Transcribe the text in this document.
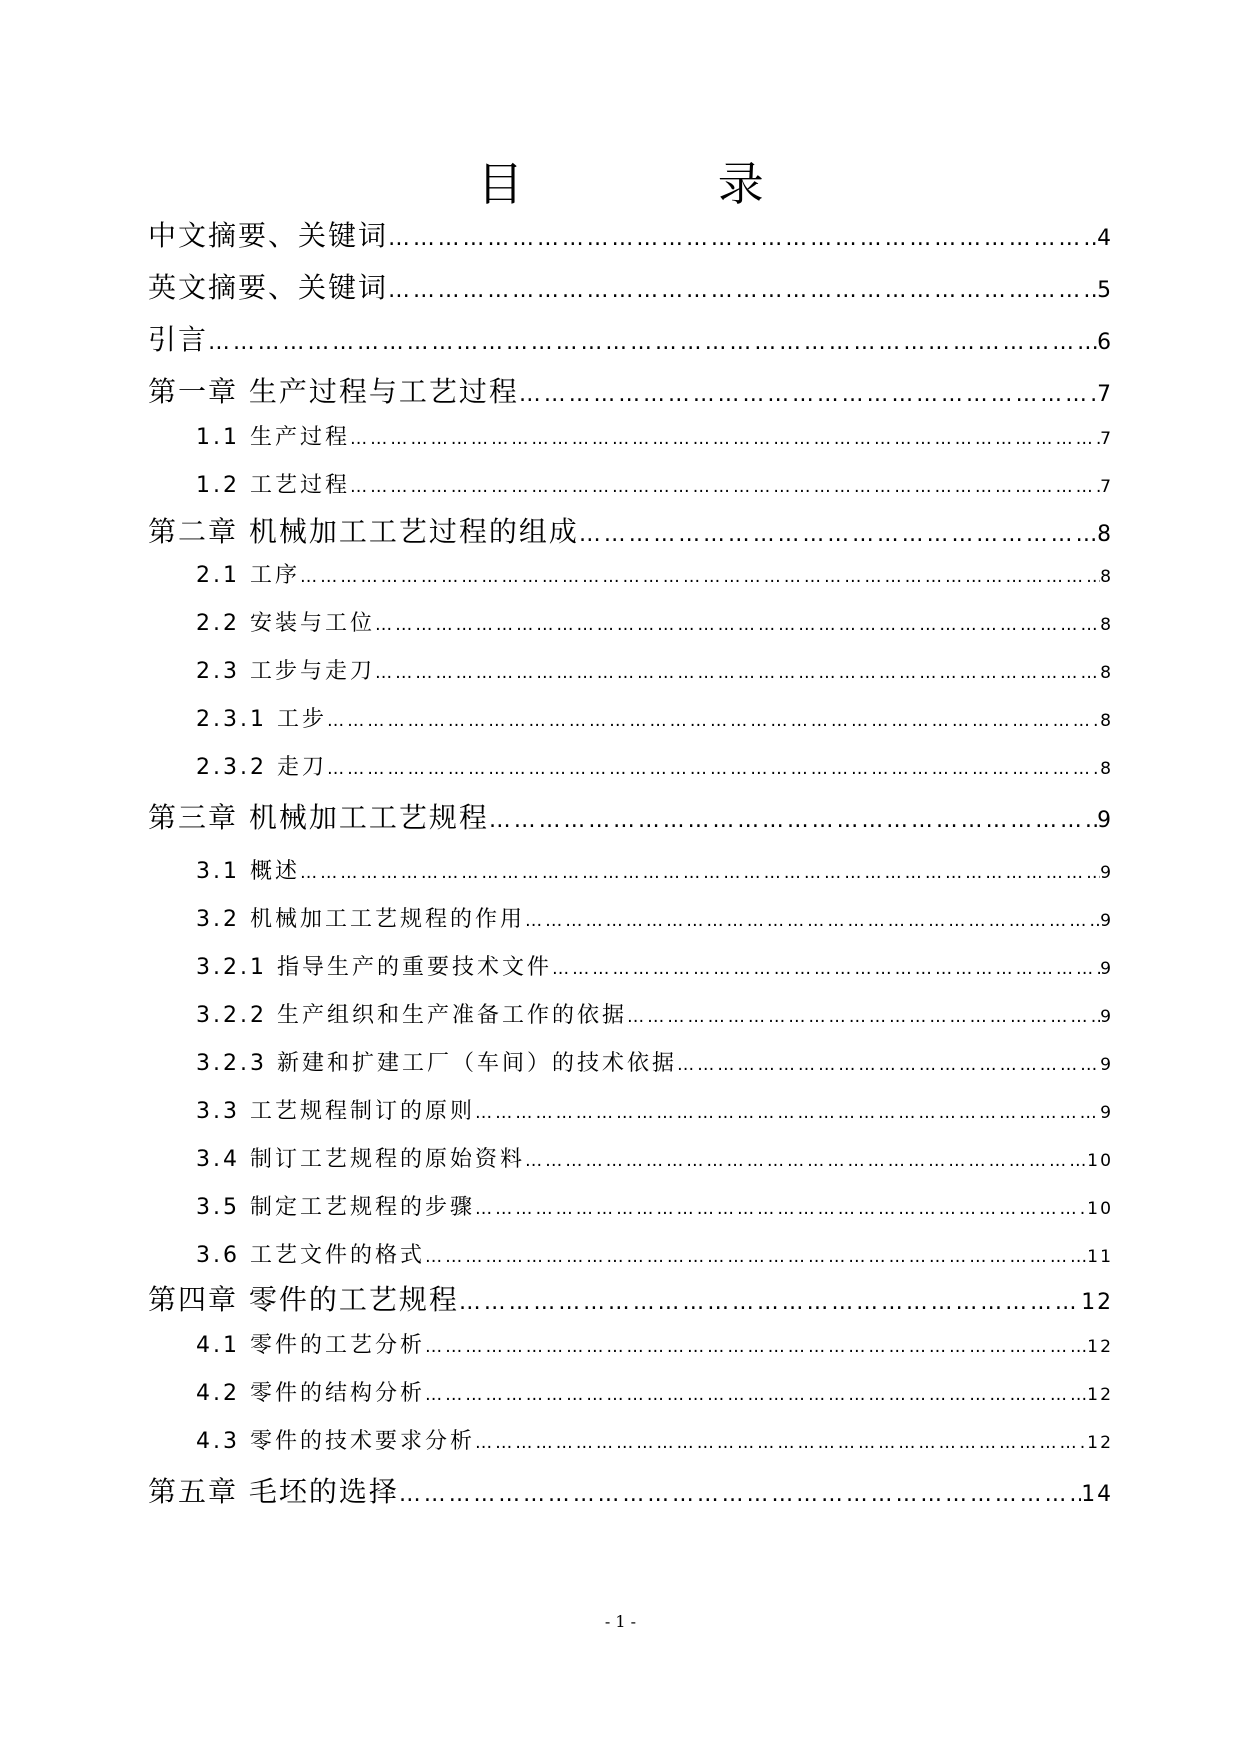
目 录
中文摘要、关键词 …………………………………………………………………………………………………………………………………………………………………………………………………………………………………………………	4
英文摘要、关键词 …………………………………………………………………………………………………………………………………………………………………………………………………………………………………………………	5
引言 …………………………………………………………………………………………………………………………………………………………………………………………………………………………………………………	6
第一章 生产过程与工艺过程 …………………………………………………………………………………………………………………………………………………………………………………………………………………………………………………	7
1.1 生产过程 …………………………………………………………………………………………………………………………………………………………………………………………………………………………………………………	7
1.2 工艺过程 …………………………………………………………………………………………………………………………………………………………………………………………………………………………………………………	7
第二章 机械加工工艺过程的组成 …………………………………………………………………………………………………………………………………………………………………………………………………………………………………………………	8
2.1 工序 …………………………………………………………………………………………………………………………………………………………………………………………………………………………………………………	8
2.2 安装与工位 …………………………………………………………………………………………………………………………………………………………………………………………………………………………………………………	8
2.3 工步与走刀 …………………………………………………………………………………………………………………………………………………………………………………………………………………………………………………	8
2.3.1 工步 …………………………………………………………………………………………………………………………………………………………………………………………………………………………………………………	8
2.3.2 走刀 …………………………………………………………………………………………………………………………………………………………………………………………………………………………………………………	8
第三章 机械加工工艺规程 …………………………………………………………………………………………………………………………………………………………………………………………………………………………………………………	9
3.1 概述 …………………………………………………………………………………………………………………………………………………………………………………………………………………………………………………	9
3.2 机械加工工艺规程的作用 …………………………………………………………………………………………………………………………………………………………………………………………………………………………………………………	9
3.2.1 指导生产的重要技术文件 …………………………………………………………………………………………………………………………………………………………………………………………………………………………………………………	9
3.2.2 生产组织和生产准备工作的依据 …………………………………………………………………………………………………………………………………………………………………………………………………………………………………………………	9
3.2.3 新建和扩建工厂（车间）的技术依据 …………………………………………………………………………………………………………………………………………………………………………………………………………………………………………………	9
3.3 工艺规程制订的原则 …………………………………………………………………………………………………………………………………………………………………………………………………………………………………………………	9
3.4 制订工艺规程的原始资料 …………………………………………………………………………………………………………………………………………………………………………………………………………………………………………………	10
3.5 制定工艺规程的步骤 …………………………………………………………………………………………………………………………………………………………………………………………………………………………………………………	10
3.6 工艺文件的格式 …………………………………………………………………………………………………………………………………………………………………………………………………………………………………………………	11
第四章 零件的工艺规程 …………………………………………………………………………………………………………………………………………………………………………………………………………………………………………………	12
4.1 零件的工艺分析 …………………………………………………………………………………………………………………………………………………………………………………………………………………………………………………	12
4.2 零件的结构分析 …………………………………………………………………………………………………………………………………………………………………………………………………………………………………………………	12
4.3 零件的技术要求分析 …………………………………………………………………………………………………………………………………………………………………………………………………………………………………………………	12
第五章 毛坯的选择 …………………………………………………………………………………………………………………………………………………………………………………………………………………………………………………	14
- 1 -
